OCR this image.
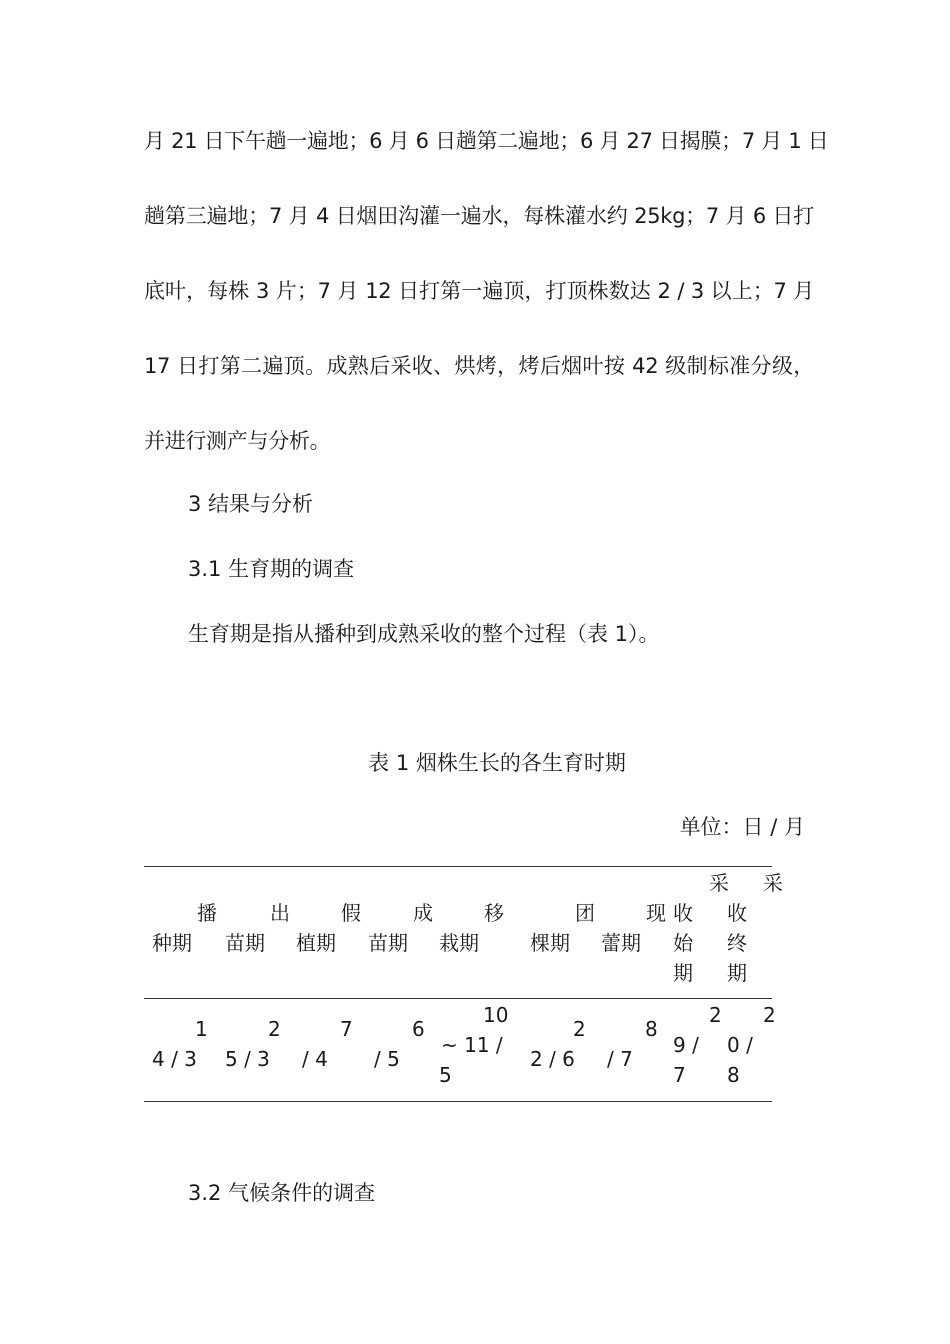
月 21 日下午趟一遍地；6 月 6 日趟第二遍地；6 月 27 日揭膜；7 月 1 日
趟第三遍地；7 月 4 日烟田沟灌一遍水，每株灌水约 25kg；7 月 6 日打
底叶，每株 3 片；7 月 12 日打第一遍顶，打顶株数达 2 / 3 以上；7 月
17 日打第二遍顶。成熟后采收、烘烤，烤后烟叶按 42 级制标准分级，
并进行测产与分析。
3 结果与分析
3.1 生育期的调查
生育期是指从播种到成熟采收的整个过程（表 1）。
表 1 烟株生长的各生育时期
单位：日 / 月
播
种期
出
苗期
假
植期
成
苗期
移
栽期
团
棵期
现
蕾期
收
始
期
采
收
终
期
采
1
4 / 3
2
5 / 3
7
/ 4
6
/ 5
10
~ 11 /
5
2
2 / 6
8
/ 7
2
9 /
7
0 /
8
2
3.2 气候条件的调查
